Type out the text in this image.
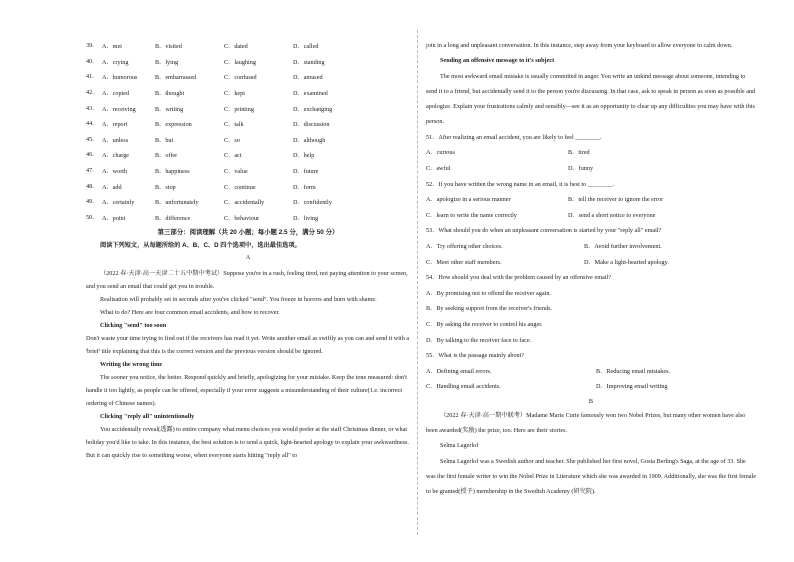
39.	A．met	B．visited	C．dated	D．called
40.	A．crying	B．lying	C．laughing	D．standing
41.	A．humorous	B．embarrassed	C．confused	D．amused
42.	A．copied	B．thought	C．kept	D．examined
43.	A．receiving	B．writing	C．printing	D．exchanging
44.	A．report	B．expression	C．talk	D．discussion
45.	A．unless	B．but	C．so	D．although
46.	A．charge	B．offer	C．act	D．help
47.	A．worth	B．happiness	C．value	D．future
48.	A．add	B．stop	C．continue	D．form
49.	A．certainly	B．unfortunately	C．accidentally	D．confidently
50.	A．point	B．difference	C．behaviour	D．living
第三部分：阅读理解（共 20 小题；每小题 2.5 分，满分 50 分）
阅读下列短文，从每题所给的 A、B、C、D 四个选项中，选出最佳选项。
A

（2022 春·天津·高一天津二十五中期中考试）Suppose you're in a rush, feeling tired, not paying attention to your screen, and you send an email that could get you in trouble.

Realisation will probably set in seconds after you've clicked "send". You freeze in horrors and burn with shame.

What to do? Here are four common email accidents, and how to recover.

Clicking "send" too soon

Don't waste your time trying to find out if the receivers has read it yet. Write another email as swiftly as you can and send it with a 'brief' title explaining that this is the correct version and the previous version should be ignored.

Writing the wrong time

The sooner you notice, the better. Respond quickly and briefly, apologizing for your mistake. Keep the tone measured: don't handle it too lightly, as people can be offered, especially if your error suggests a misunderstanding of their culture(1.e. incorrect ordering of Chinese names).

Clicking "reply all" unintentionally

You accidentally reveal(透露) to entire company what menu choices you would prefer at the staff Christmas dinner, or what holiday you'd like to take. In this instance, the best solution is to send a quick, light-hearted apology to explain your awkwardness. But it can quickly rise to something worse, when everyone starts hitting "reply all" to

join in a long and unpleasant conversation. In this instance, step away from your keyboard to allow everyone to calm down.

Sending an offensive message to it's subject

The most awkward email mistake is usually committed in anger. You write an unkind message about someone, intending to send it to a friend, but accidentally send it to the person you're discussing. In that case, ask to speak in person as soon as possible and apologize. Explain your frustrations calmly and sensibly—see it as an opportunity to clear up any difficulties you may have with this person.

51．After realizing an email accident, you are likely to feel ________.
A．curious	B．tired
C．awful	D．funny
52．If you have written the wrong name in an email, it is best to ________.
A．apologize in a serious manner	B．tell the receiver to ignore the error
C．learn to write the name correctly	D．send a short notice to everyone
53．What should you do when an unpleasant conversation is started by your "reply all" email?
A．Try offering other choices.	B．Avoid further involvement.
C．Meet other staff members.	D．Make a light-hearted apology.
54．How should you deal with the problem caused by an offensive email?
A．By promising not to offend the receiver again.
B．By seeking support from the receiver's friends.
C．By asking the receiver to control his anger.
D．By talking to the receiver face to face.
55．What is the passage mainly about?
A．Defining email errors.	B．Reducing email mistakes.
C．Handling email accidents.	D．Improving email writing
B

（2022 春·天津·高一期中联考）Madame Marie Curie famously won two Nobel Prizes, but many other women have also been awarded(奖励) the prize, too. Here are their stories.

Selma Lagerlof

Selma Lagerlof was a Swedish author and teacher. She published her first novel, Gosta Berling's Saga, at the age of 33. She was the first female writer to win the Nobel Prize in Literature which she was awarded in 1909. Additionally, she was the first female to be granted(授予) membership in the Swedish Academy (研究院).
